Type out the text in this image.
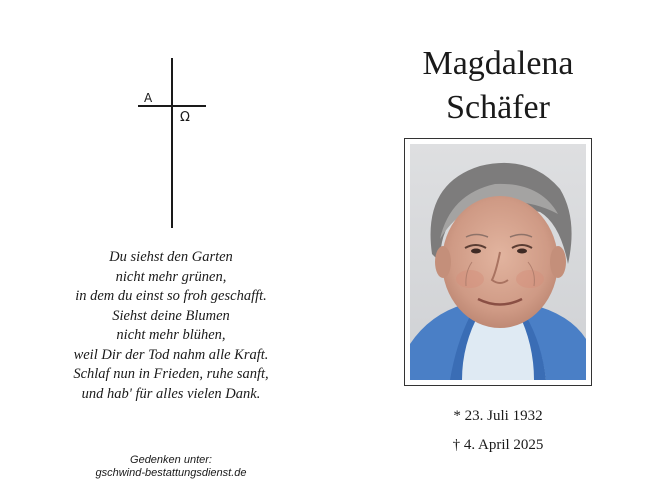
A
Ω
Du siehst den Garten
nicht mehr grünen,
in dem du einst so froh geschafft.
Siehst deine Blumen
nicht mehr blühen,
weil Dir der Tod nahm alle Kraft.
Schlaf nun in Frieden, ruhe sanft,
und hab' für alles vielen Dank.
Gedenken unter:
gschwind-bestattungsdienst.de
Magdalena
Schäfer
* 23. Juli 1932
† 4. April 2025
